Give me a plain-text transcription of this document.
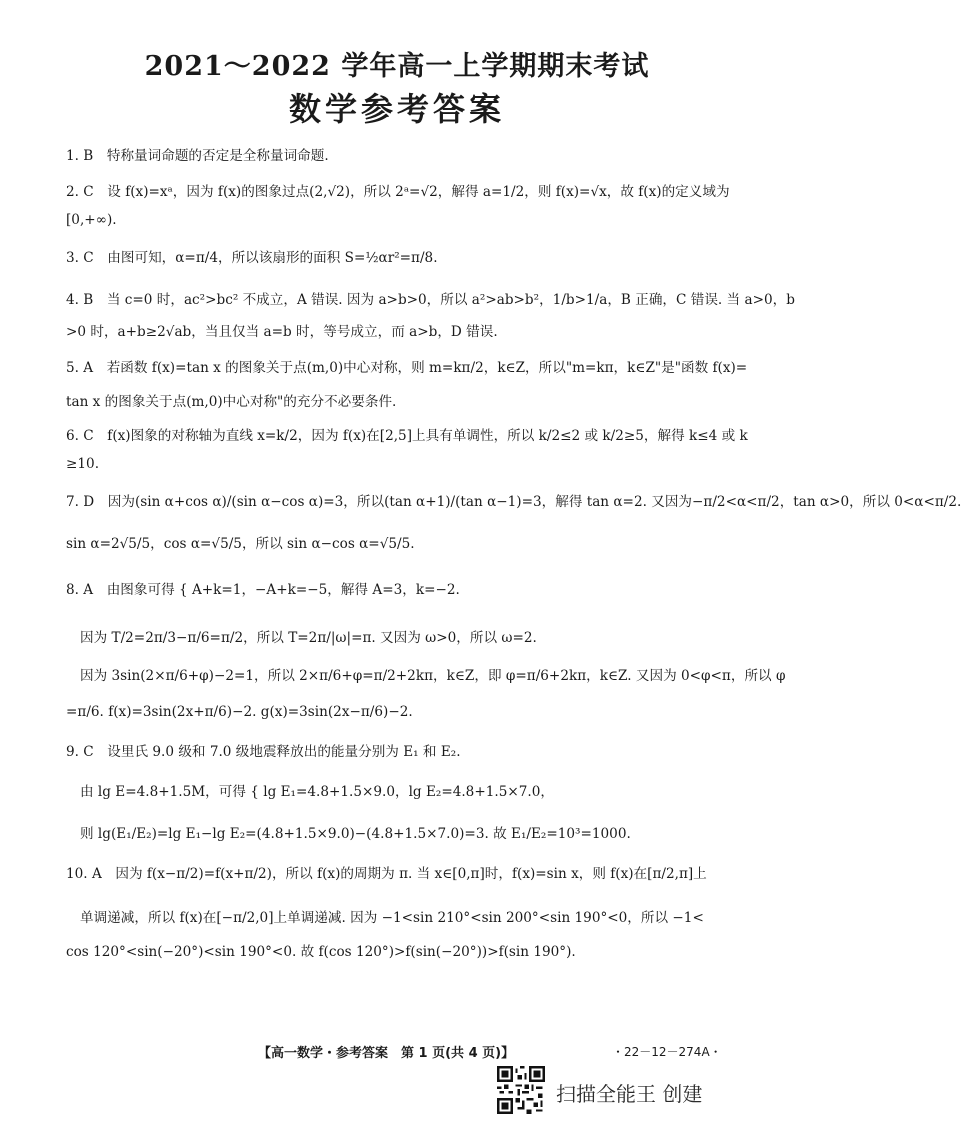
2021～2022 学年高一上学期期末考试
数学参考答案
1. B　特称量词命题的否定是全称量词命题.
2. C　设 f(x)=xᵃ，因为 f(x)的图象过点(2,√2)，所以 2ᵃ=√2，解得 a=1/2，则 f(x)=√x，故 f(x)的定义域为
[0,+∞).
3. C　由图可知，α=π/4，所以该扇形的面积 S=½αr²=π/8.
4. B　当 c=0 时，ac²>bc² 不成立，A 错误. 因为 a>b>0，所以 a²>ab>b²，1/b>1/a，B 正确，C 错误. 当 a>0，b
>0 时，a+b≥2√ab，当且仅当 a=b 时，等号成立，而 a>b，D 错误.
5. A　若函数 f(x)=tan x 的图象关于点(m,0)中心对称，则 m=kπ/2，k∈Z，所以"m=kπ，k∈Z"是"函数 f(x)=
tan x 的图象关于点(m,0)中心对称"的充分不必要条件.
6. C　f(x)图象的对称轴为直线 x=k/2，因为 f(x)在[2,5]上具有单调性，所以 k/2≤2 或 k/2≥5，解得 k≤4 或 k
≥10.
7. D　因为(sin α+cos α)/(sin α−cos α)=3，所以(tan α+1)/(tan α−1)=3，解得 tan α=2. 又因为−π/2<α<π/2，tan α>0，所以 0<α<π/2.
sin α=2√5/5，cos α=√5/5，所以 sin α−cos α=√5/5.
8. A　由图象可得 { A+k=1，−A+k=−5，解得 A=3，k=−2.
因为 T/2=2π/3−π/6=π/2，所以 T=2π/|ω|=π. 又因为 ω>0，所以 ω=2.
因为 3sin(2×π/6+φ)−2=1，所以 2×π/6+φ=π/2+2kπ，k∈Z，即 φ=π/6+2kπ，k∈Z. 又因为 0<φ<π，所以 φ
=π/6. f(x)=3sin(2x+π/6)−2. g(x)=3sin(2x−π/6)−2.
9. C　设里氏 9.0 级和 7.0 级地震释放出的能量分别为 E₁ 和 E₂.
由 lg E=4.8+1.5M，可得 { lg E₁=4.8+1.5×9.0，lg E₂=4.8+1.5×7.0，
则 lg(E₁/E₂)=lg E₁−lg E₂=(4.8+1.5×9.0)−(4.8+1.5×7.0)=3. 故 E₁/E₂=10³=1000.
10. A　因为 f(x−π/2)=f(x+π/2)，所以 f(x)的周期为 π. 当 x∈[0,π]时，f(x)=sin x，则 f(x)在[π/2,π]上
单调递减，所以 f(x)在[−π/2,0]上单调递减. 因为 −1<sin 210°<sin 200°<sin 190°<0，所以 −1<
cos 120°<sin(−20°)<sin 190°<0. 故 f(cos 120°)>f(sin(−20°))>f(sin 190°).
【高一数学・参考答案　第 1 页(共 4 页)】	・22－12－274A・
扫描全能王 创建
